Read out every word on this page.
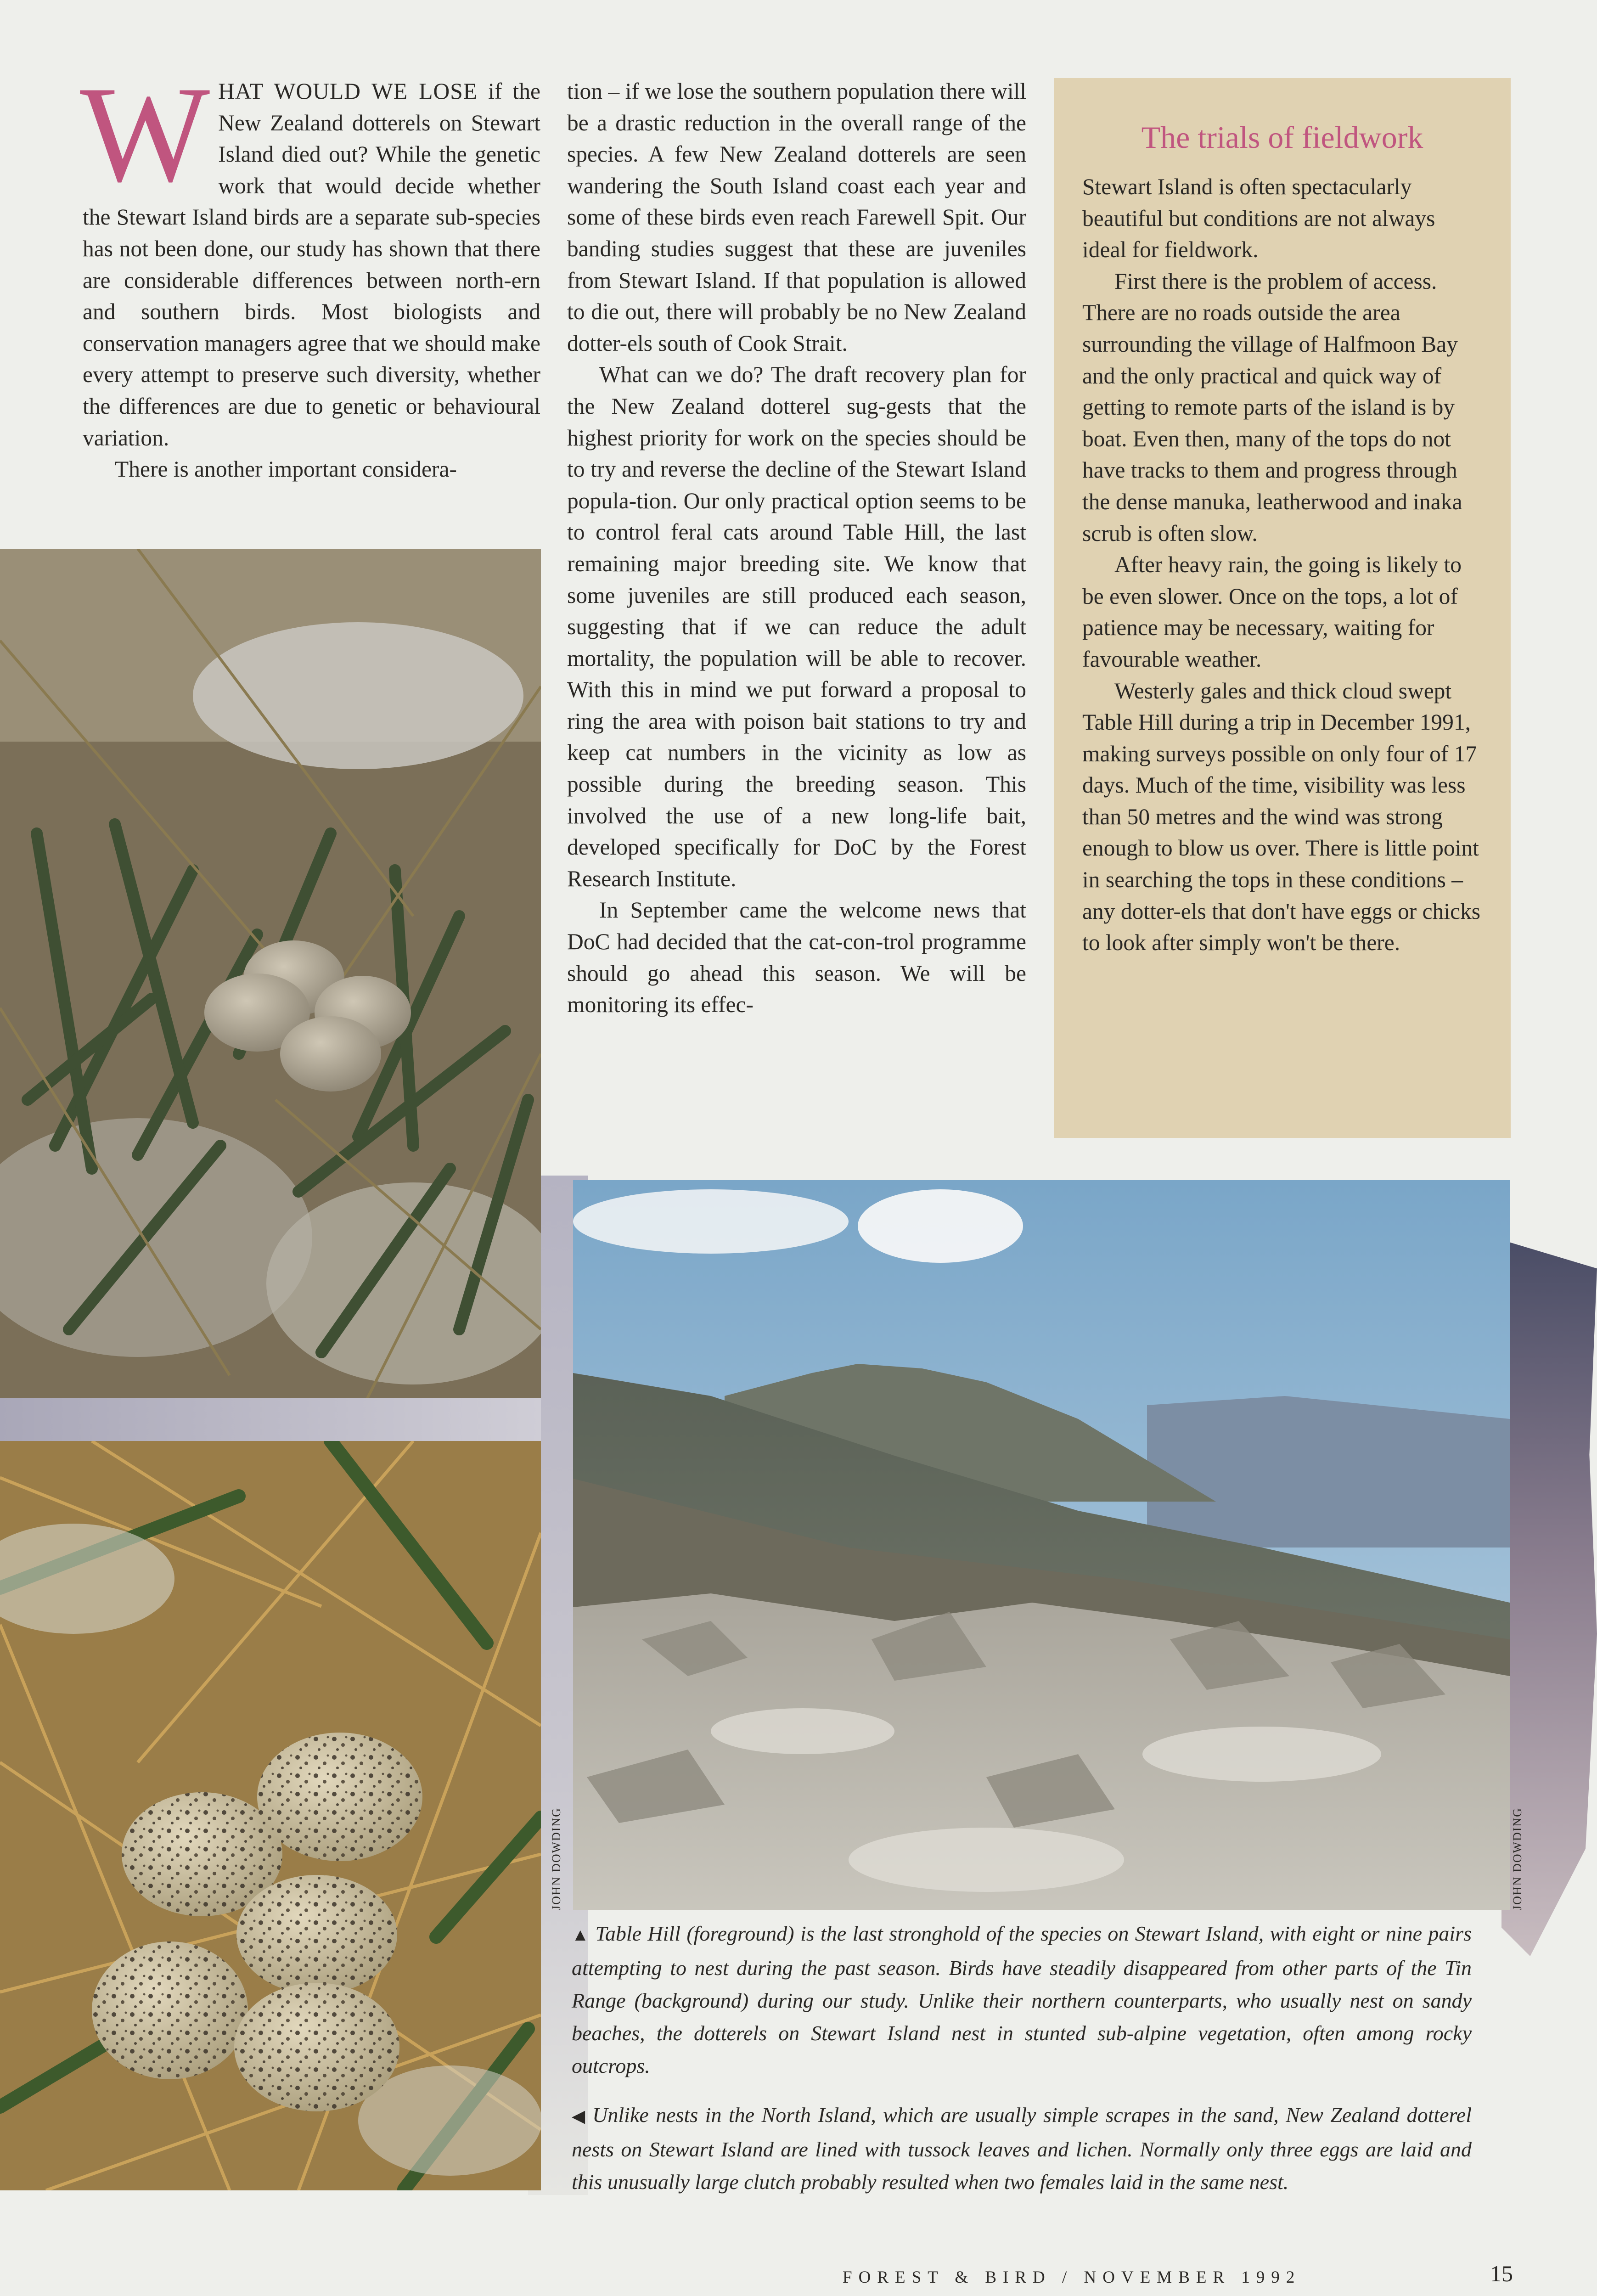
W HAT WOULD WE LOSE if the New Zealand dotterels on Stewart Island died out? While the genetic work that would decide whether the Stewart Island birds are a separate sub-species has not been done, our study has shown that there are considerable differences between north-ern and southern birds. Most biologists and conservation managers agree that we should make every attempt to preserve such diversity, whether the differences are due to genetic or behavioural variation.

There is another important considera-

tion – if we lose the southern population there will be a drastic reduction in the overall range of the species. A few New Zealand dotterels are seen wandering the South Island coast each year and some of these birds even reach Farewell Spit. Our banding studies suggest that these are juveniles from Stewart Island. If that population is allowed to die out, there will probably be no New Zealand dotter-els south of Cook Strait.

What can we do? The draft recovery plan for the New Zealand dotterel sug-gests that the highest priority for work on the species should be to try and reverse the decline of the Stewart Island popula-tion. Our only practical option seems to be to control feral cats around Table Hill, the last remaining major breeding site. We know that some juveniles are still produced each season, suggesting that if we can reduce the adult mortality, the population will be able to recover. With this in mind we put forward a proposal to ring the area with poison bait stations to try and keep cat numbers in the vicinity as low as possible during the breeding season. This involved the use of a new long-life bait, developed specifically for DoC by the Forest Research Institute.

In September came the welcome news that DoC had decided that the cat-con-trol programme should go ahead this season. We will be monitoring its effec-

The trials of fieldwork

Stewart Island is often spectacularly beautiful but conditions are not always ideal for fieldwork.

First there is the problem of access. There are no roads outside the area surrounding the village of Halfmoon Bay and the only practical and quick way of getting to remote parts of the island is by boat. Even then, many of the tops do not have tracks to them and progress through the dense manuka, leatherwood and inaka scrub is often slow.

After heavy rain, the going is likely to be even slower. Once on the tops, a lot of patience may be necessary, waiting for favourable weather.

Westerly gales and thick cloud swept Table Hill during a trip in December 1991, making surveys possible on only four of 17 days. Much of the time, visibility was less than 50 metres and the wind was strong enough to blow us over. There is little point in searching the tops in these conditions – any dotter-els that don't have eggs or chicks to look after simply won't be there.

JOHN DOWDING	JOHN DOWDING
▲ Table Hill (foreground) is the last stronghold of the species on Stewart Island, with eight or nine pairs attempting to nest during the past season. Birds have steadily disappeared from other parts of the Tin Range (background) during our study. Unlike their northern counterparts, who usually nest on sandy beaches, the dotterels on Stewart Island nest in stunted sub-alpine vegetation, often among rocky outcrops.
◀ Unlike nests in the North Island, which are usually simple scrapes in the sand, New Zealand dotterel nests on Stewart Island are lined with tussock leaves and lichen. Normally only three eggs are laid and this unusually large clutch probably resulted when two females laid in the same nest.
FOREST & BIRD / NOVEMBER 1992	15
